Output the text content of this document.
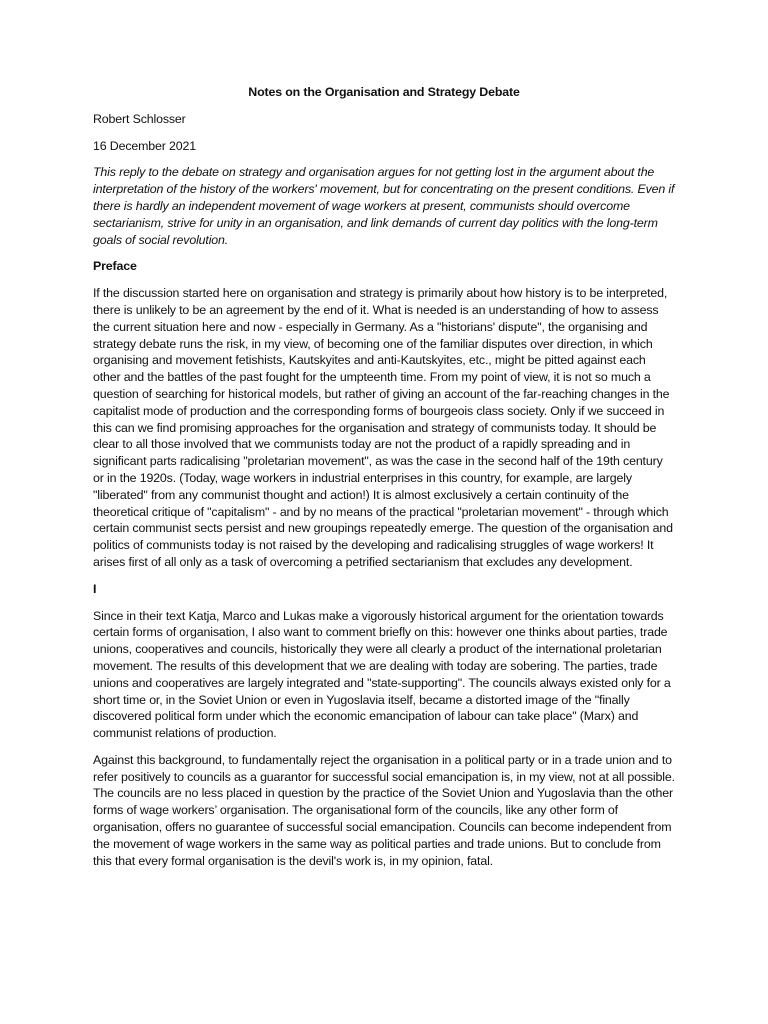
Notes on the Organisation and Strategy Debate

Robert Schlosser

16 December 2021

This reply to the debate on strategy and organisation argues for not getting lost in the argument about the interpretation of the history of the workers' movement, but for concentrating on the present conditions. Even if there is hardly an independent movement of wage workers at present, communists should overcome sectarianism, strive for unity in an organisation, and link demands of current day politics with the long-term goals of social revolution.

Preface

If the discussion started here on organisation and strategy is primarily about how history is to be interpreted, there is unlikely to be an agreement by the end of it. What is needed is an understanding of how to assess the current situation here and now - especially in Germany. As a "historians' dispute", the organising and strategy debate runs the risk, in my view, of becoming one of the familiar disputes over direction, in which organising and movement fetishists, Kautskyites and anti-Kautskyites, etc., might be pitted against each other and the battles of the past fought for the umpteenth time. From my point of view, it is not so much a question of searching for historical models, but rather of giving an account of the far-reaching changes in the capitalist mode of production and the corresponding forms of bourgeois class society. Only if we succeed in this can we find promising approaches for the organisation and strategy of communists today. It should be clear to all those involved that we communists today are not the product of a rapidly spreading and in significant parts radicalising "proletarian movement", as was the case in the second half of the 19th century or in the 1920s. (Today, wage workers in industrial enterprises in this country, for example, are largely "liberated" from any communist thought and action!) It is almost exclusively a certain continuity of the theoretical critique of "capitalism" - and by no means of the practical "proletarian movement" - through which certain communist sects persist and new groupings repeatedly emerge. The question of the organisation and politics of communists today is not raised by the developing and radicalising struggles of wage workers! It arises first of all only as a task of overcoming a petrified sectarianism that excludes any development.

I

Since in their text Katja, Marco and Lukas make a vigorously historical argument for the orientation towards certain forms of organisation, I also want to comment briefly on this: however one thinks about parties, trade unions, cooperatives and councils, historically they were all clearly a product of the international proletarian movement. The results of this development that we are dealing with today are sobering. The parties, trade unions and cooperatives are largely integrated and "state-supporting". The councils always existed only for a short time or, in the Soviet Union or even in Yugoslavia itself, became a distorted image of the "finally discovered political form under which the economic emancipation of labour can take place" (Marx) and communist relations of production.

Against this background, to fundamentally reject the organisation in a political party or in a trade union and to refer positively to councils as a guarantor for successful social emancipation is, in my view, not at all possible. The councils are no less placed in question by the practice of the Soviet Union and Yugoslavia than the other forms of wage workers’ organisation. The organisational form of the councils, like any other form of organisation, offers no guarantee of successful social emancipation. Councils can become independent from the movement of wage workers in the same way as political parties and trade unions. But to conclude from this that every formal organisation is the devil's work is, in my opinion, fatal.
